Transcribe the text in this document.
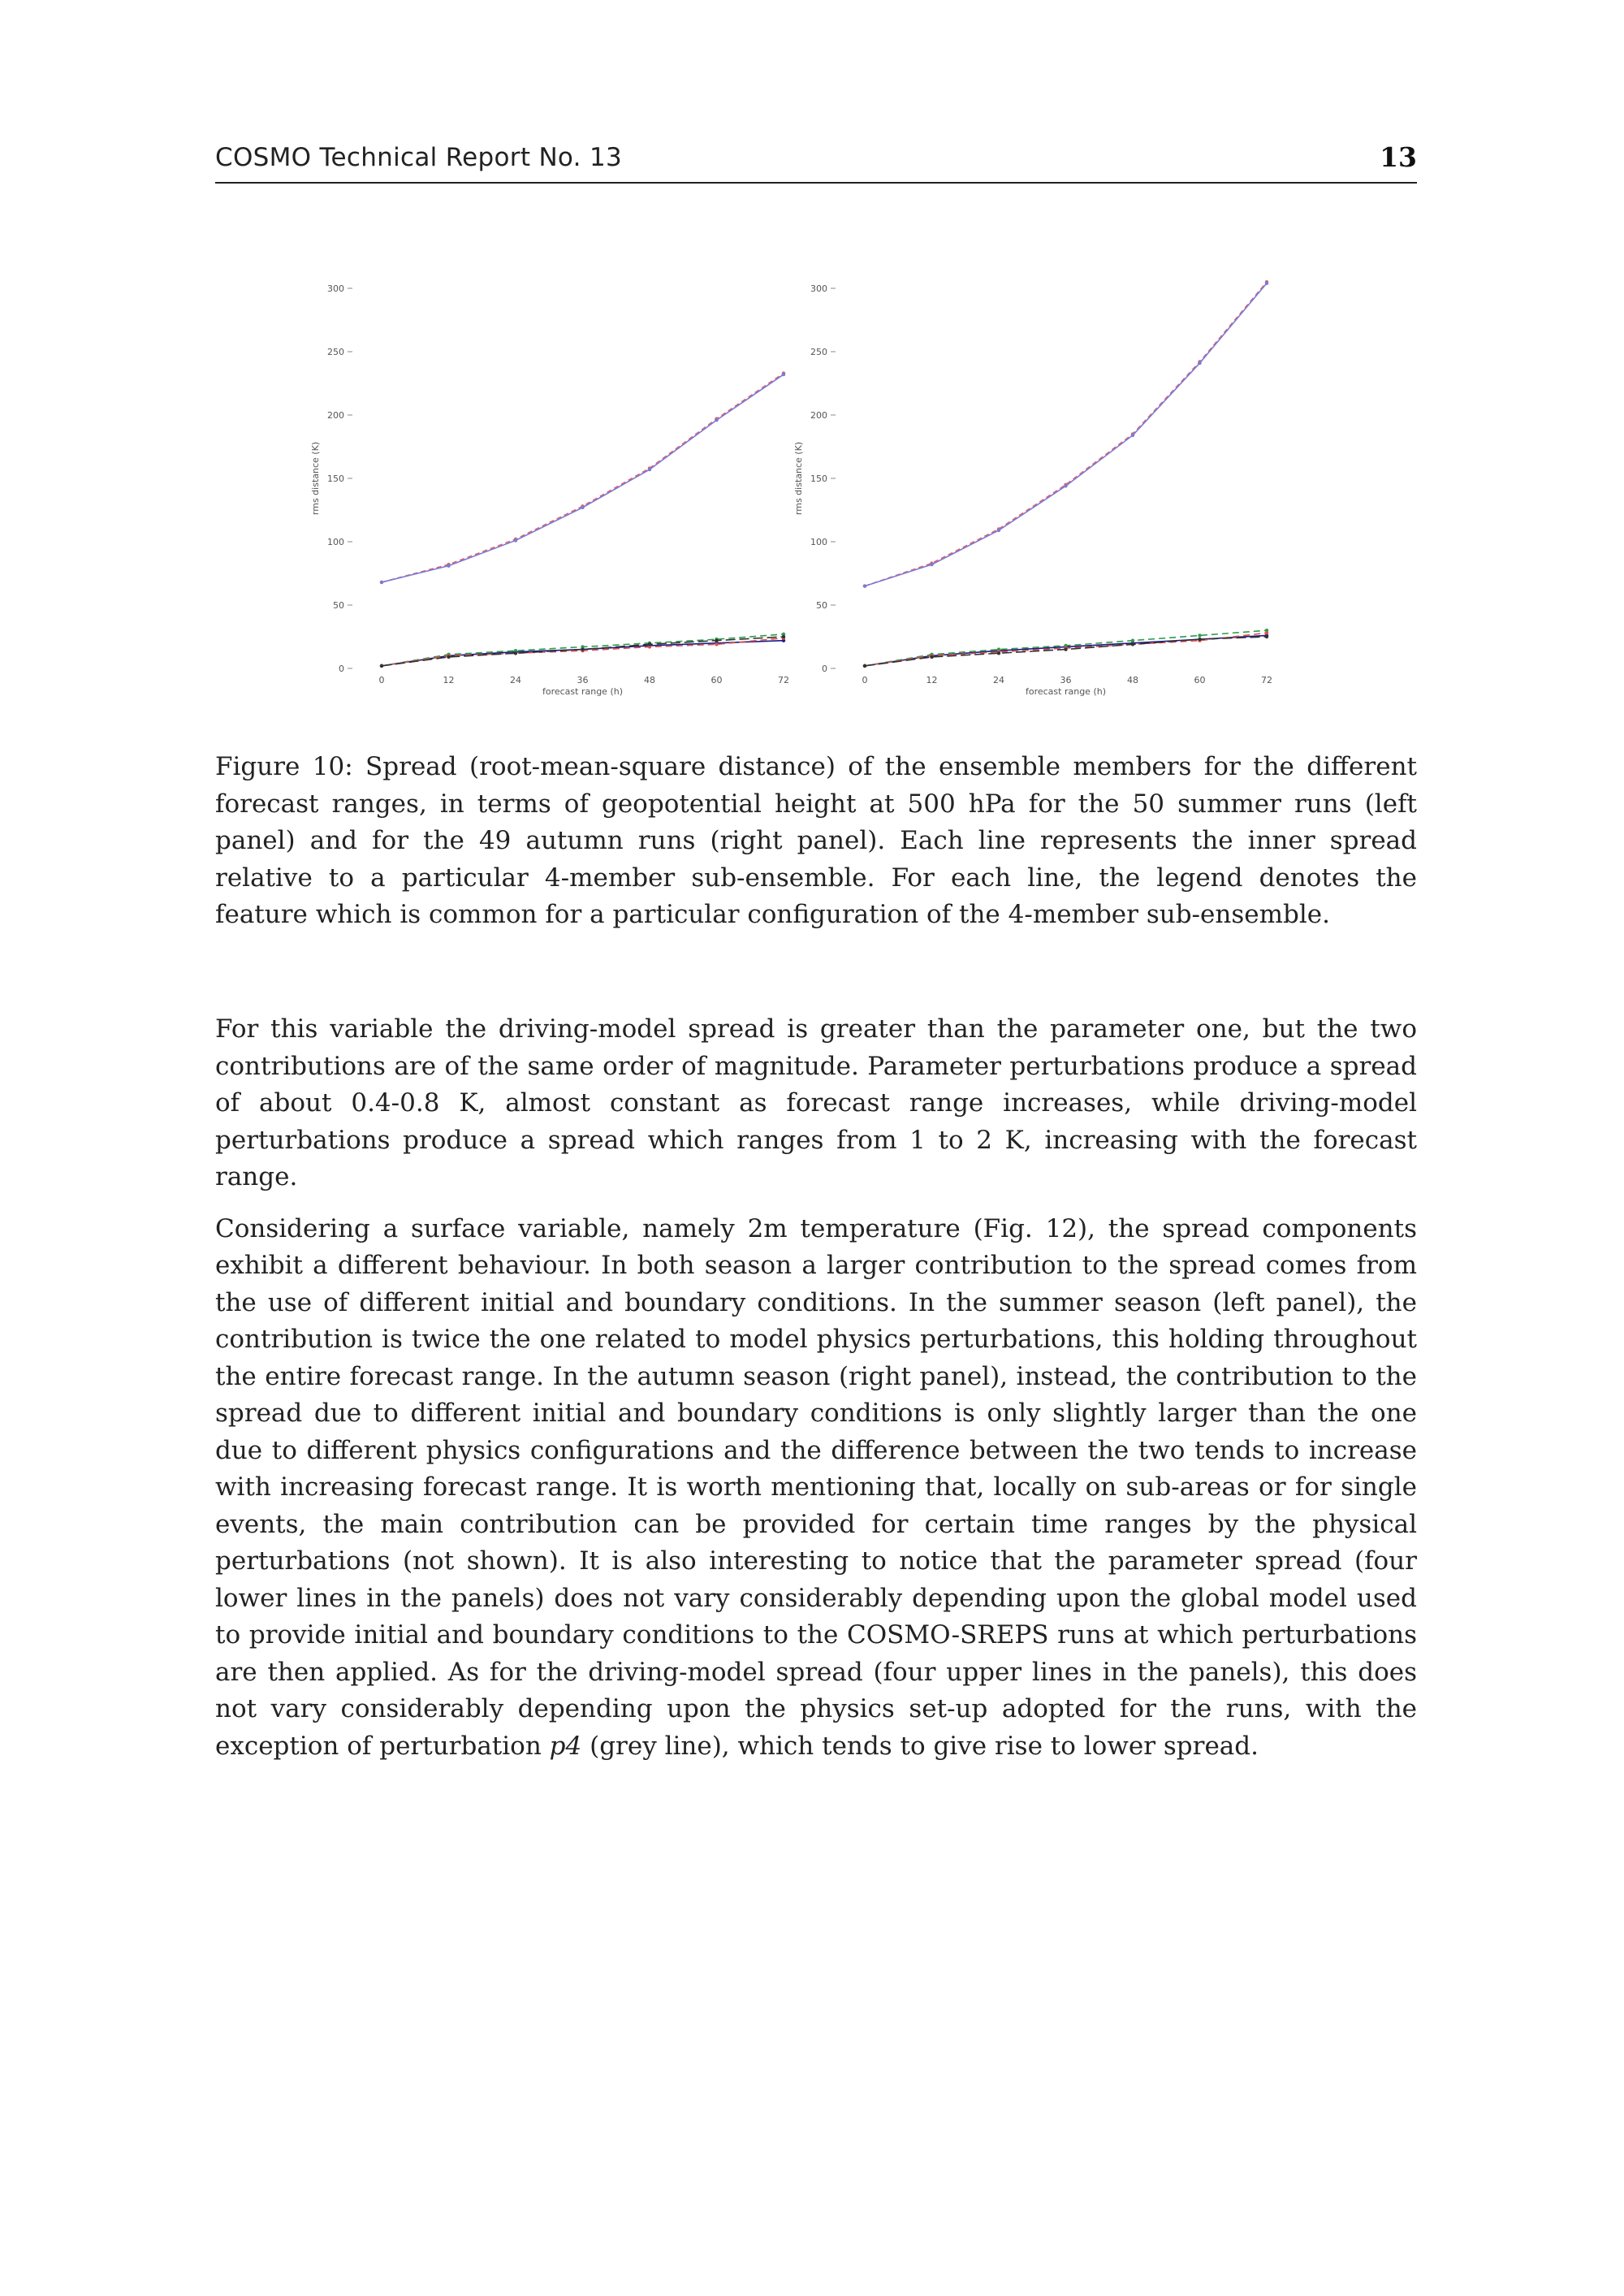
COSMO Technical Report No. 13	13
0
50
100
150
200
250
300
rms distance (K)
0	12	24	36	48	60	72
forecast range (h)
0
50
100
150
200
250
300
rms distance (K)
0	12	24	36	48	60	72
forecast range (h)
Figure 10: Spread (root-mean-square distance) of the ensemble members for the different forecast ranges, in terms of geopotential height at 500 hPa for the 50 summer runs (left panel) and for the 49 autumn runs (right panel). Each line represents the inner spread relative to a particular 4-member sub-ensemble. For each line, the legend denotes the feature which is common for a particular configuration of the 4-member sub-ensemble.

For this variable the driving-model spread is greater than the parameter one, but the two contributions are of the same order of magnitude. Parameter perturbations produce a spread of about 0.4-0.8 K, almost constant as forecast range increases, while driving-model perturbations produce a spread which ranges from 1 to 2 K, increasing with the forecast range.

Considering a surface variable, namely 2m temperature (Fig. 12), the spread components exhibit a different behaviour. In both season a larger contribution to the spread comes from the use of different initial and boundary conditions. In the summer season (left panel), the contribution is twice the one related to model physics perturbations, this holding throughout the entire forecast range. In the autumn season (right panel), instead, the contribution to the spread due to different initial and boundary conditions is only slightly larger than the one due to different physics configurations and the difference between the two tends to increase with increasing forecast range. It is worth mentioning that, locally on sub-areas or for single events, the main contribution can be provided for certain time ranges by the physical perturbations (not shown). It is also interesting to notice that the parameter spread (four lower lines in the panels) does not vary considerably depending upon the global model used to provide initial and boundary conditions to the COSMO-SREPS runs at which perturbations are then applied. As for the driving-model spread (four upper lines in the panels), this does not vary considerably depending upon the physics set-up adopted for the runs, with the exception of perturbation p4 (grey line), which tends to give rise to lower spread.
